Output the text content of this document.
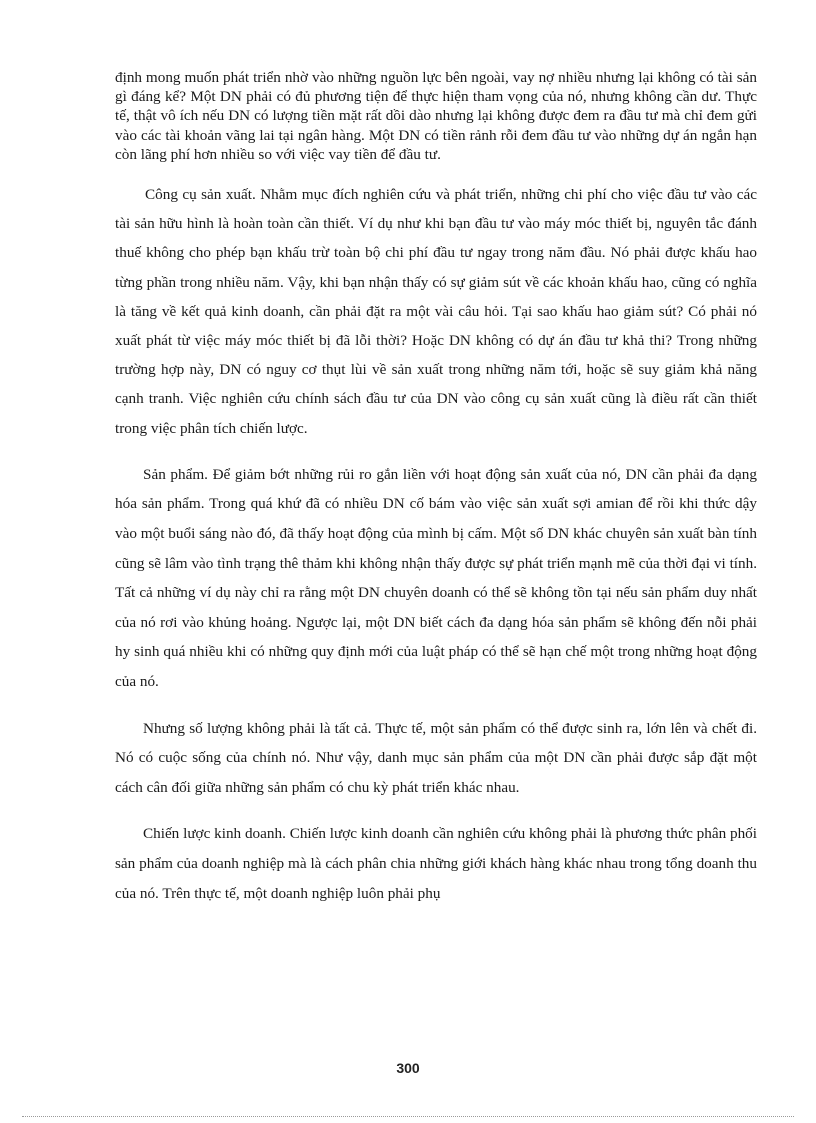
định mong muốn phát triển nhờ vào những nguồn lực bên ngoài, vay nợ nhiều nhưng lại không có tài sản gì đáng kể? Một DN phải có đủ phương tiện để thực hiện tham vọng của nó, nhưng không cần dư. Thực tế, thật vô ích nếu DN có lượng tiền mặt rất dồi dào nhưng lại không được đem ra đầu tư mà chỉ đem gửi vào các tài khoản vãng lai tại ngân hàng. Một DN có tiền rảnh rỗi đem đầu tư vào những dự án ngắn hạn còn lãng phí hơn nhiều so với việc vay tiền để đầu tư.

Công cụ sản xuất. Nhằm mục đích nghiên cứu và phát triển, những chi phí cho việc đầu tư vào các tài sản hữu hình là hoàn toàn cần thiết. Ví dụ như khi bạn đầu tư vào máy móc thiết bị, nguyên tắc đánh thuế không cho phép bạn khấu trừ toàn bộ chi phí đầu tư ngay trong năm đầu. Nó phải được khấu hao từng phần trong nhiều năm. Vậy, khi bạn nhận thấy có sự giảm sút về các khoản khấu hao, cũng có nghĩa là tăng về kết quả kinh doanh, cần phải đặt ra một vài câu hỏi. Tại sao khấu hao giảm sút? Có phải nó xuất phát từ việc máy móc thiết bị đã lỗi thời? Hoặc DN không có dự án đầu tư khả thi? Trong những trường hợp này, DN có nguy cơ thụt lùi về sản xuất trong những năm tới, hoặc sẽ suy giảm khả năng cạnh tranh. Việc nghiên cứu chính sách đầu tư của DN vào công cụ sản xuất cũng là điều rất cần thiết trong việc phân tích chiến lược.

Sản phẩm. Để giảm bớt những rủi ro gắn liền với hoạt động sản xuất của nó, DN cần phải đa dạng hóa sản phẩm. Trong quá khứ đã có nhiều DN cố bám vào việc sản xuất sợi amian để rồi khi thức dậy vào một buổi sáng nào đó, đã thấy hoạt động của mình bị cấm. Một số DN khác chuyên sản xuất bàn tính cũng sẽ lâm vào tình trạng thê thảm khi không nhận thấy được sự phát triển mạnh mẽ của thời đại vi tính. Tất cả những ví dụ này chỉ ra rằng một DN chuyên doanh có thể sẽ không tồn tại nếu sản phẩm duy nhất của nó rơi vào khủng hoảng. Ngược lại, một DN biết cách đa dạng hóa sản phẩm sẽ không đến nỗi phải hy sinh quá nhiều khi có những quy định mới của luật pháp có thể sẽ hạn chế một trong những hoạt động của nó.

Nhưng số lượng không phải là tất cả. Thực tế, một sản phẩm có thể được sinh ra, lớn lên và chết đi. Nó có cuộc sống của chính nó. Như vậy, danh mục sản phẩm của một DN cần phải được sắp đặt một cách cân đối giữa những sản phẩm có chu kỳ phát triển khác nhau.

Chiến lược kinh doanh. Chiến lược kinh doanh cần nghiên cứu không phải là phương thức phân phối sản phẩm của doanh nghiệp mà là cách phân chia những giới khách hàng khác nhau trong tổng doanh thu của nó. Trên thực tế, một doanh nghiệp luôn phải phụ

300
